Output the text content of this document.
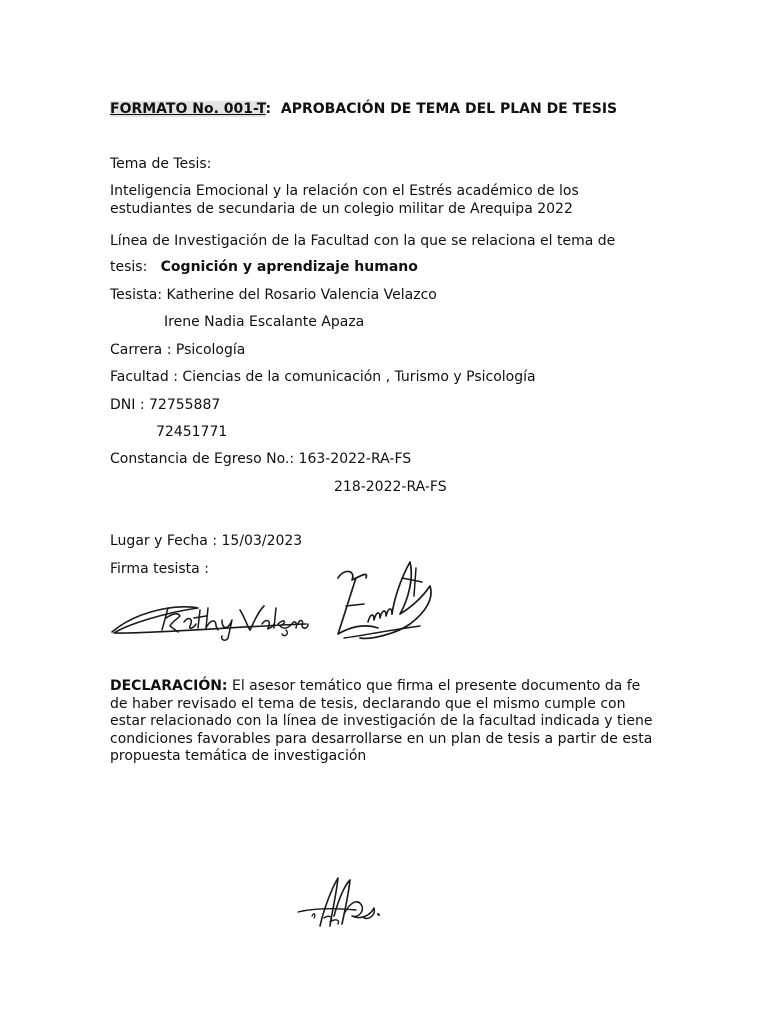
FORMATO No. 001-T: APROBACIÓN DE TEMA DEL PLAN DE TESIS
Tema de Tesis:
Inteligencia Emocional y la relación con el Estrés académico de los estudiantes de secundaria de un colegio militar de Arequipa 2022
Línea de Investigación de la Facultad con la que se relaciona el tema de tesis: Cognición y aprendizaje humano
Tesista: Katherine del Rosario Valencia Velazco
Irene Nadia Escalante Apaza
Carrera : Psicología
Facultad : Ciencias de la comunicación , Turismo y Psicología
DNI : 72755887
72451771
Constancia de Egreso No.: 163-2022-RA-FS
218-2022-RA-FS
Lugar y Fecha : 15/03/2023
Firma tesista :
DECLARACIÓN: El asesor temático que firma el presente documento da fe de haber revisado el tema de tesis, declarando que el mismo cumple con estar relacionado con la línea de investigación de la facultad indicada y tiene condiciones favorables para desarrollarse en un plan de tesis a partir de esta propuesta temática de investigación
